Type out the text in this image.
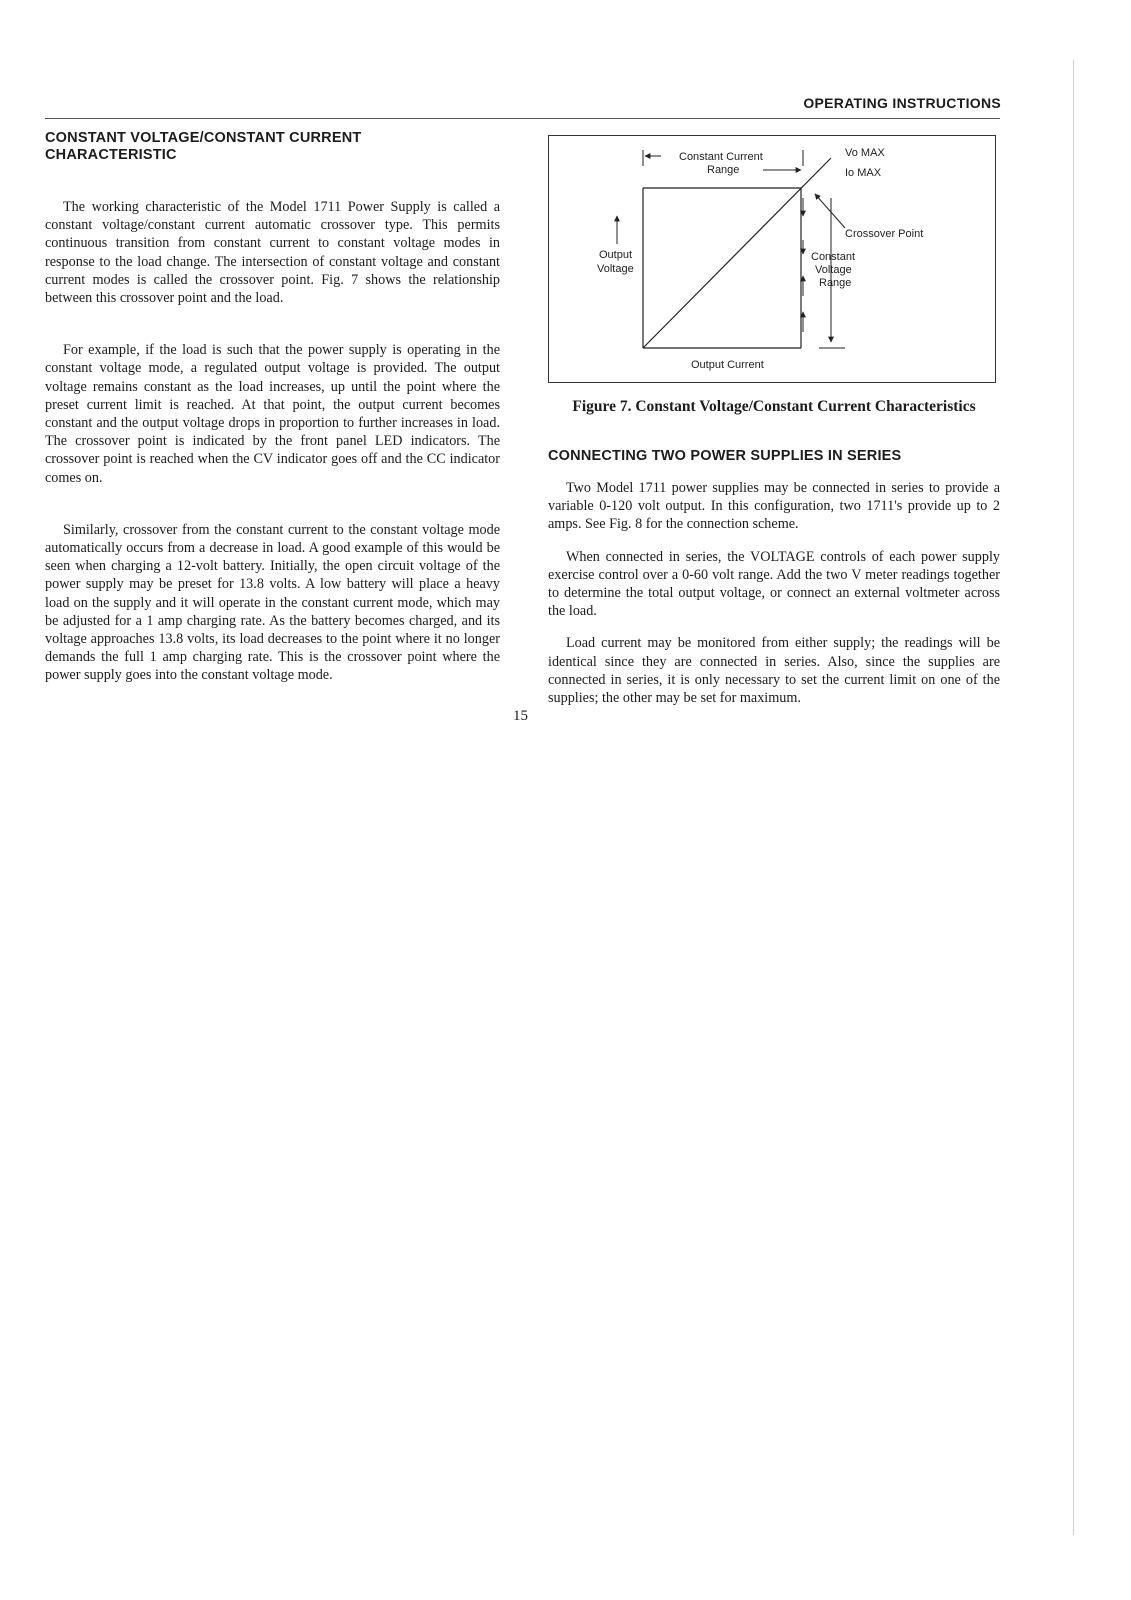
OPERATING INSTRUCTIONS
CONSTANT VOLTAGE/CONSTANT CURRENT CHARACTERISTIC

The working characteristic of the Model 1711 Power Supply is called a constant voltage/constant current automatic crossover type. This permits continuous transition from constant current to constant voltage modes in response to the load change. The intersection of constant voltage and constant current modes is called the crossover point. Fig. 7 shows the relationship between this crossover point and the load.

For example, if the load is such that the power supply is operating in the constant voltage mode, a regulated output voltage is provided. The output voltage remains constant as the load increases, up until the point where the preset current limit is reached. At that point, the output current becomes constant and the output voltage drops in proportion to further increases in load. The crossover point is indicated by the front panel LED indicators. The crossover point is reached when the CV indicator goes off and the CC indicator comes on.

Similarly, crossover from the constant current to the constant voltage mode automatically occurs from a decrease in load. A good example of this would be seen when charging a 12-volt battery. Initially, the open circuit voltage of the power supply may be preset for 13.8 volts. A low battery will place a heavy load on the supply and it will operate in the constant current mode, which may be adjusted for a 1 amp charging rate. As the battery becomes charged, and its voltage approaches 13.8 volts, its load decreases to the point where it no longer demands the full 1 amp charging rate. This is the crossover point where the power supply goes into the constant voltage mode.

Constant Current
Range
Vo MAX
Io MAX
Crossover Point
Output
Voltage
Constant
Voltage
Range
Output Current
Figure 7. Constant Voltage/Constant Current Characteristics
CONNECTING TWO POWER SUPPLIES IN SERIES

Two Model 1711 power supplies may be connected in series to provide a variable 0-120 volt output. In this configuration, two 1711's provide up to 2 amps. See Fig. 8 for the connection scheme.

When connected in series, the VOLTAGE controls of each power supply exercise control over a 0-60 volt range. Add the two V meter readings together to determine the total output voltage, or connect an external voltmeter across the load.

Load current may be monitored from either supply; the readings will be identical since they are connected in series. Also, since the supplies are connected in series, it is only necessary to set the current limit on one of the supplies; the other may be set for maximum.

15
